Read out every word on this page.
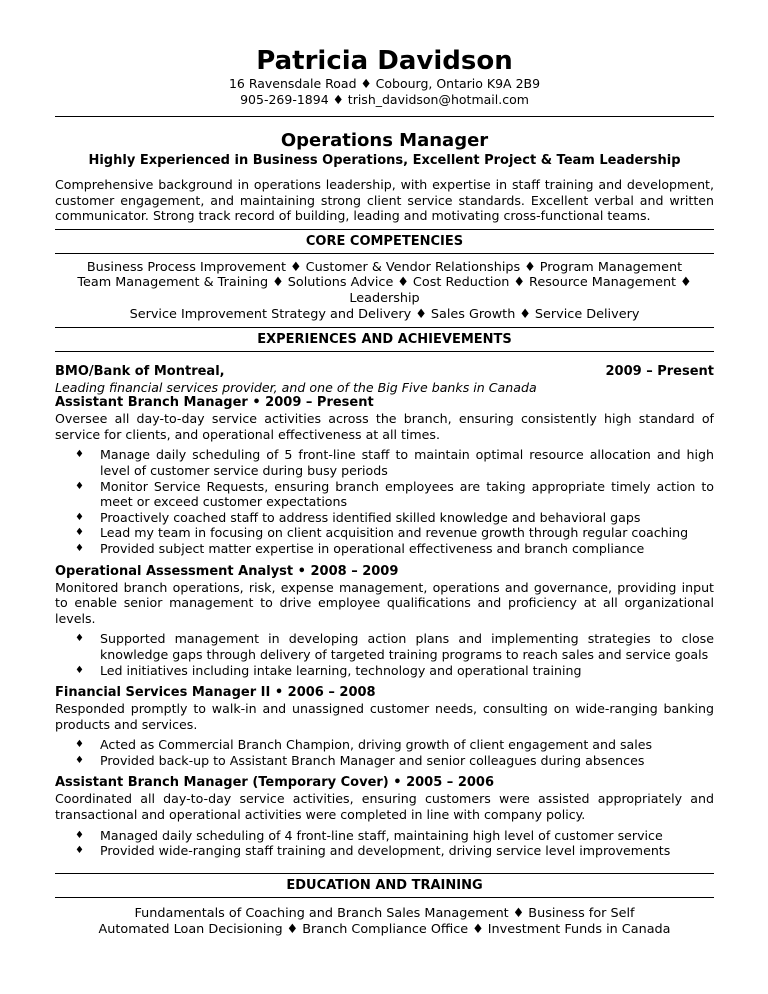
Patricia Davidson
16 Ravensdale Road ♦ Cobourg, Ontario K9A 2B9
905-269-1894 ♦ trish_davidson@hotmail.com
Operations Manager
Highly Experienced in Business Operations, Excellent Project & Team Leadership
Comprehensive background in operations leadership, with expertise in staff training and development, customer engagement, and maintaining strong client service standards. Excellent verbal and written communicator. Strong track record of building, leading and motivating cross-functional teams.
CORE COMPETENCIES
Business Process Improvement ♦ Customer & Vendor Relationships ♦ Program Management
Team Management & Training ♦ Solutions Advice ♦ Cost Reduction ♦ Resource Management ♦ Leadership
Service Improvement Strategy and Delivery ♦ Sales Growth ♦ Service Delivery
EXPERIENCES AND ACHIEVEMENTS
BMO/Bank of Montreal,	2009 – Present
Leading financial services provider, and one of the Big Five banks in Canada
Assistant Branch Manager • 2009 – Present
Oversee all day-to-day service activities across the branch, ensuring consistently high standard of service for clients, and operational effectiveness at all times.
♦ Manage daily scheduling of 5 front-line staff to maintain optimal resource allocation and high level of customer service during busy periods
♦ Monitor Service Requests, ensuring branch employees are taking appropriate timely action to meet or exceed customer expectations
♦ Proactively coached staff to address identified skilled knowledge and behavioral gaps
♦ Lead my team in focusing on client acquisition and revenue growth through regular coaching
♦ Provided subject matter expertise in operational effectiveness and branch compliance
Operational Assessment Analyst • 2008 – 2009
Monitored branch operations, risk, expense management, operations and governance, providing input to enable senior management to drive employee qualifications and proficiency at all organizational levels.
♦ Supported management in developing action plans and implementing strategies to close knowledge gaps through delivery of targeted training programs to reach sales and service goals
♦ Led initiatives including intake learning, technology and operational training
Financial Services Manager II • 2006 – 2008
Responded promptly to walk-in and unassigned customer needs, consulting on wide-ranging banking products and services.
♦ Acted as Commercial Branch Champion, driving growth of client engagement and sales
♦ Provided back-up to Assistant Branch Manager and senior colleagues during absences
Assistant Branch Manager (Temporary Cover) • 2005 – 2006
Coordinated all day-to-day service activities, ensuring customers were assisted appropriately and transactional and operational activities were completed in line with company policy.
♦ Managed daily scheduling of 4 front-line staff, maintaining high level of customer service
♦ Provided wide-ranging staff training and development, driving service level improvements
EDUCATION AND TRAINING
Fundamentals of Coaching and Branch Sales Management ♦ Business for Self
Automated Loan Decisioning ♦ Branch Compliance Office ♦ Investment Funds in Canada
